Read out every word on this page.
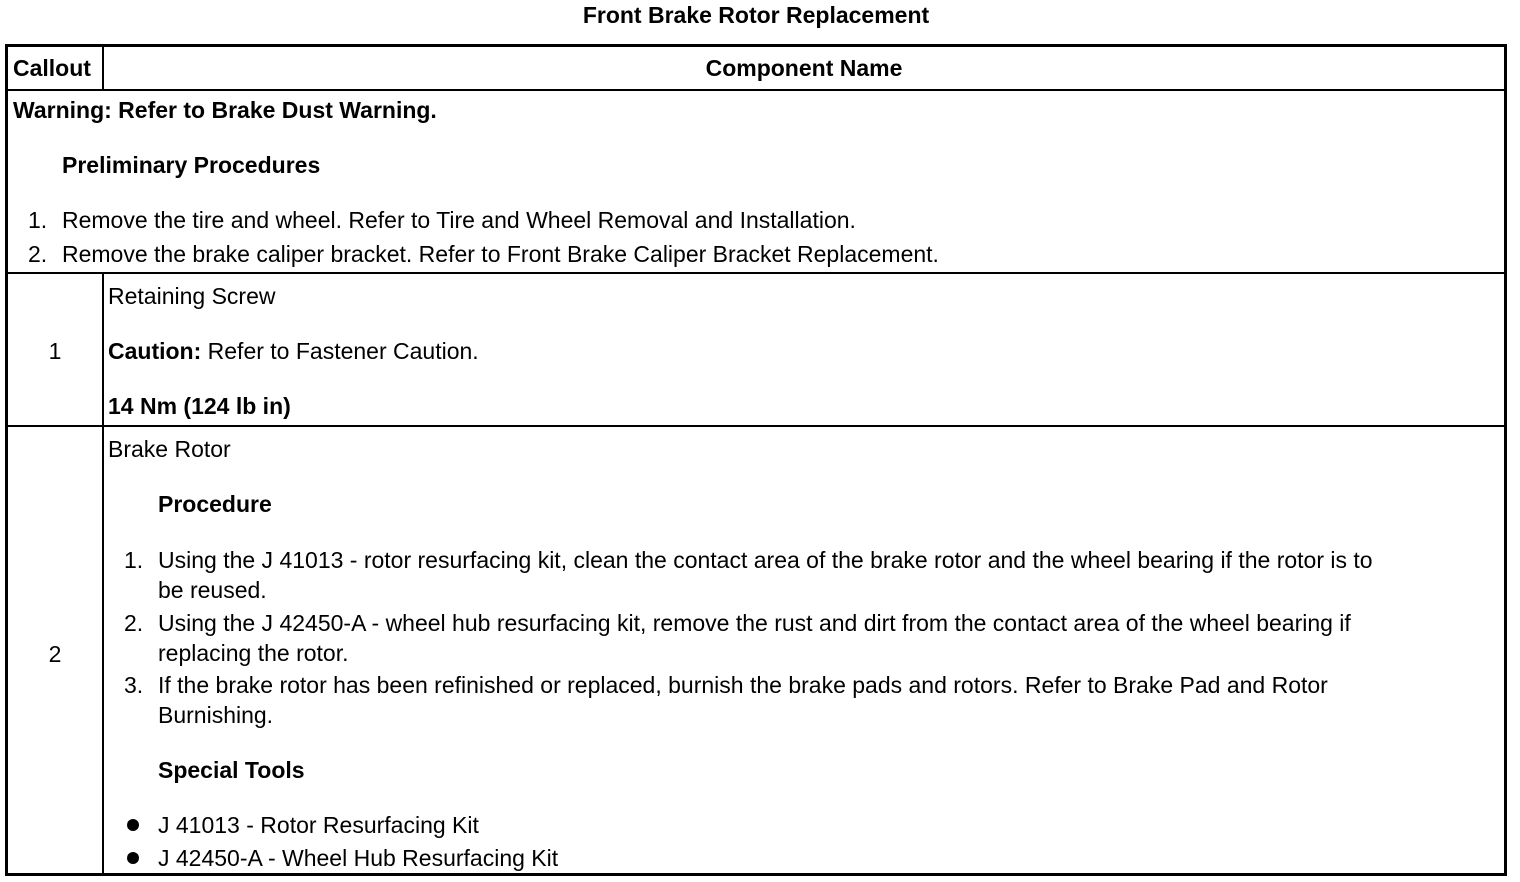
Front Brake Rotor Replacement
Callout	Component Name
Warning: Refer to Brake Dust Warning.
Preliminary Procedures
1. Remove the tire and wheel. Refer to Tire and Wheel Removal and Installation.
2. Remove the brake caliper bracket. Refer to Front Brake Caliper Bracket Replacement.
1
Retaining Screw
Caution: Refer to Fastener Caution.
14 Nm (124 lb in)
2
Brake Rotor
Procedure
1. Using the J 41013 - rotor resurfacing kit, clean the contact area of the brake rotor and the wheel bearing if the rotor is to
be reused.
2. Using the J 42450-A - wheel hub resurfacing kit, remove the rust and dirt from the contact area of the wheel bearing if
replacing the rotor.
3. If the brake rotor has been refinished or replaced, burnish the brake pads and rotors. Refer to Brake Pad and Rotor
Burnishing.
Special Tools
J 41013 - Rotor Resurfacing Kit
J 42450-A - Wheel Hub Resurfacing Kit
